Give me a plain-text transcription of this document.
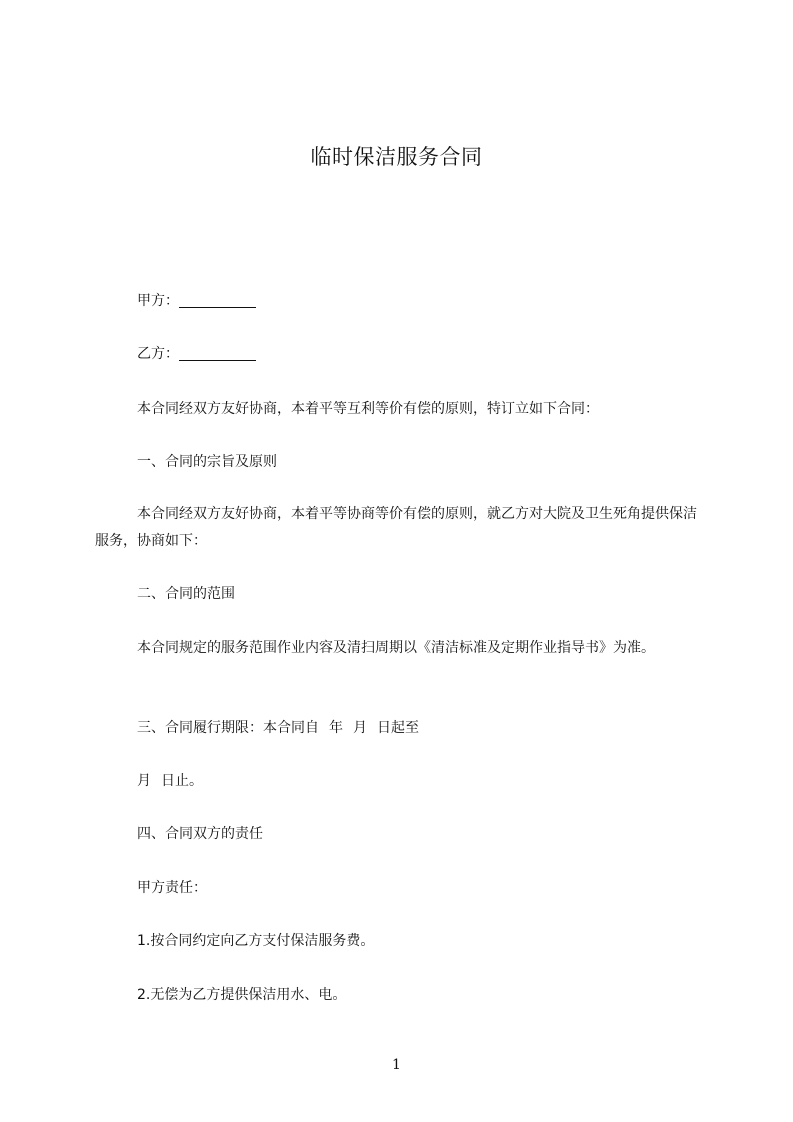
临时保洁服务合同
甲方：
乙方：
本合同经双方友好协商，本着平等互利等价有偿的原则，特订立如下合同：
一、合同的宗旨及原则
本合同经双方友好协商，本着平等协商等价有偿的原则，就乙方对大院及卫生死角提供保洁服务，协商如下：
二、合同的范围
本合同规定的服务范围作业内容及清扫周期以《清洁标准及定期作业指导书》为准。
三、合同履行期限：本合同自 年 月 日起至
月 日止。
四、合同双方的责任
甲方责任：
1.按合同约定向乙方支付保洁服务费。
2.无偿为乙方提供保洁用水、电。
1
